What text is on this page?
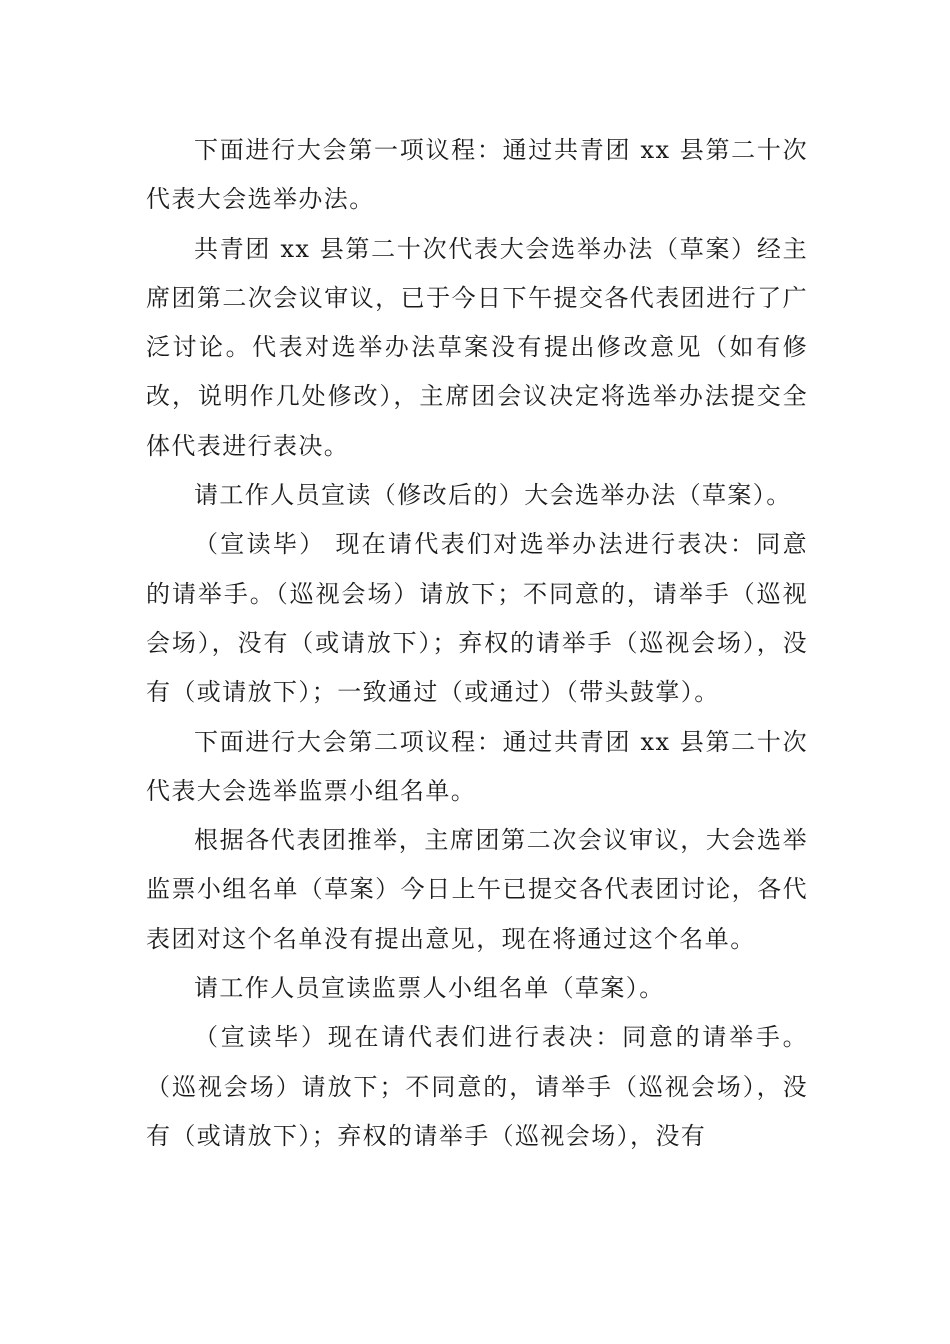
下面进行大会第一项议程：通过共青团 xx 县第二十次代表大会选举办法。

共青团 xx 县第二十次代表大会选举办法（草案）经主席团第二次会议审议，已于今日下午提交各代表团进行了广泛讨论。代表对选举办法草案没有提出修改意见（如有修改，说明作几处修改），主席团会议决定将选举办法提交全体代表进行表决。

请工作人员宣读（修改后的）大会选举办法（草案）。

（宣读毕） 现在请代表们对选举办法进行表决：同意的请举手。（巡视会场）请放下；不同意的，请举手（巡视会场），没有（或请放下）；弃权的请举手（巡视会场），没有（或请放下）；一致通过（或通过）（带头鼓掌）。

下面进行大会第二项议程：通过共青团 xx 县第二十次代表大会选举监票小组名单。

根据各代表团推举，主席团第二次会议审议，大会选举监票小组名单（草案）今日上午已提交各代表团讨论，各代表团对这个名单没有提出意见，现在将通过这个名单。

请工作人员宣读监票人小组名单（草案）。

（宣读毕）现在请代表们进行表决：同意的请举手。（巡视会场）请放下；不同意的，请举手（巡视会场），没有（或请放下）；弃权的请举手（巡视会场），没有
